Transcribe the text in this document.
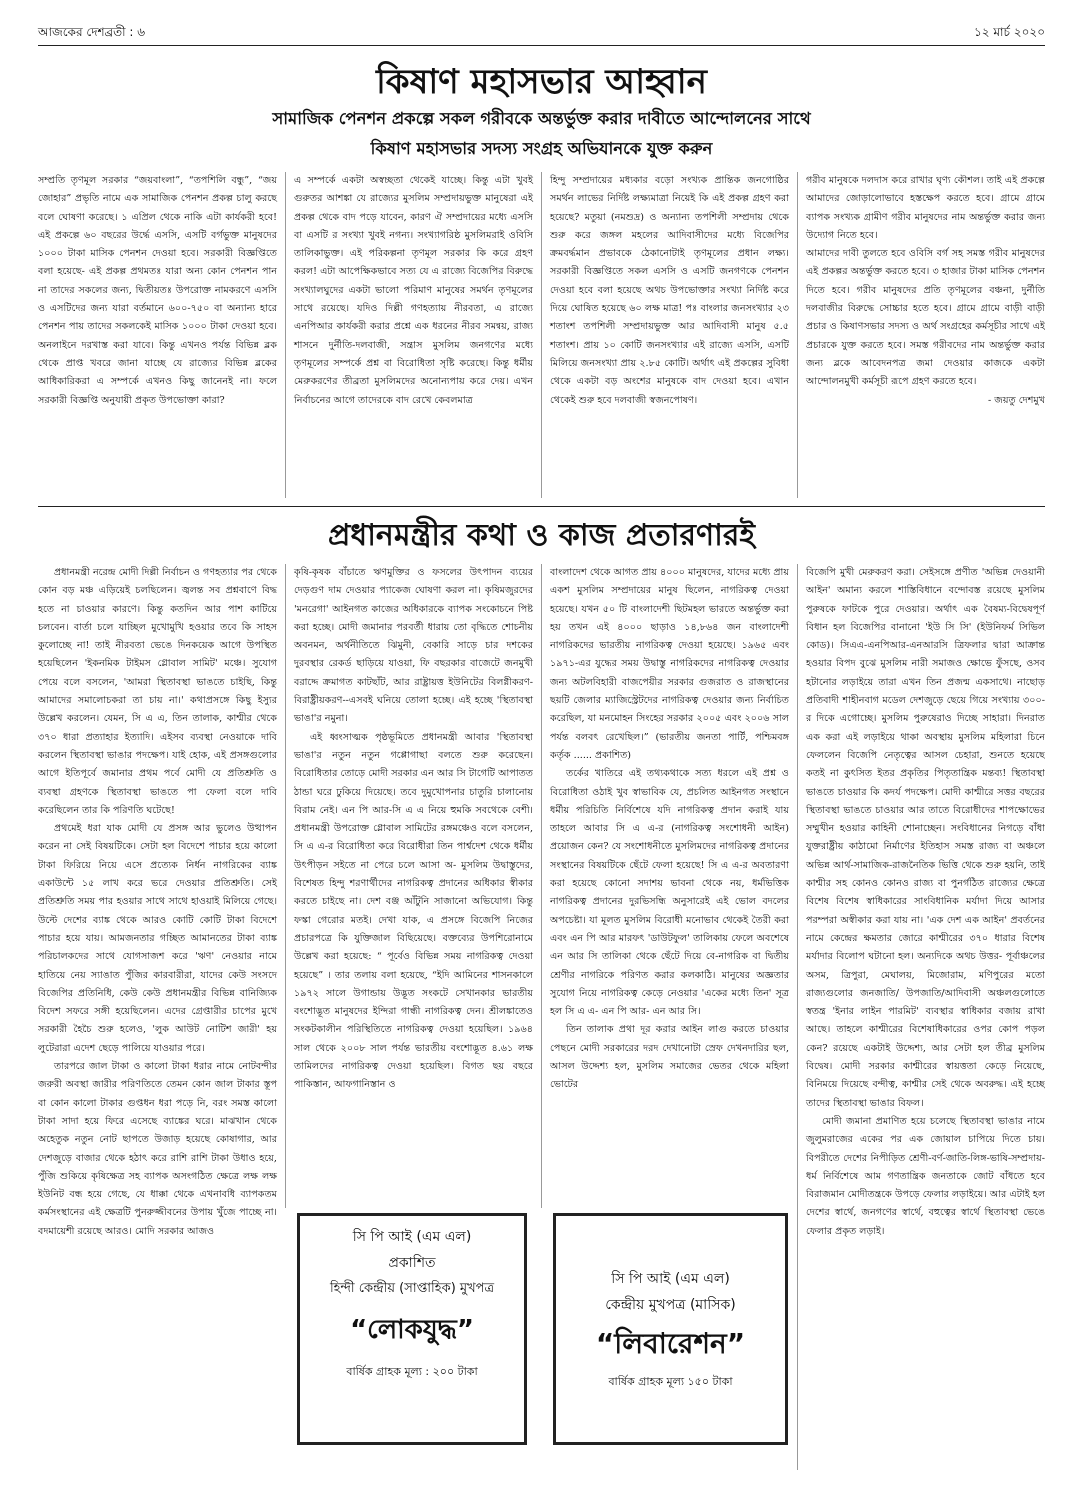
আজকের দেশব্রতী : ৬	১২ মার্চ ২০২০
কিষাণ মহাসভার আহ্বান
সামাজিক পেনশন প্রকল্পে সকল গরীবকে অন্তর্ভুক্ত করার দাবীতে আন্দোলনের সাথে
কিষাণ মহাসভার সদস্য সংগ্রহ অভিযানকে যুক্ত করুন

সম্প্রতি তৃণমূল সরকার “জয়বাংলা”, “তপশিলি বন্ধু”, “জয় জোহার” প্রভৃতি নামে এক সামাজিক পেনশন প্রকল্প চালু করছে বলে ঘোষণা করেছে। ১ এপ্রিল থেকে নাকি এটা কার্যকরী হবে! এই প্রকল্পে ৬০ বছরের উর্দ্ধে এসসি, এসটি বর্গভুক্ত মানুষদের ১০০০ টাকা মাসিক পেনশন দেওয়া হবে। সরকারী বিজ্ঞপ্তিতে বলা হয়েছে- এই প্রকল্প প্রথমতঃ যারা অন্য কোন পেনশন পান না তাদের সকলের জন্য, দ্বিতীয়তঃ উপরোক্ত নামকরণে এসসি ও এসটিদের জন্য যারা বর্তমানে ৬০০-৭৫০ বা অন্যান্য হারে পেনশন পায় তাদের সকলকেই মাসিক ১০০০ টাকা দেওয়া হবে। অনলাইনে দরখাস্ত করা যাবে। কিন্তু এখনও পর্যন্ত বিভিন্ন ব্লক থেকে প্রাপ্ত খবরে জানা যাচ্ছে যে রাজ্যের বিভিন্ন ব্লকের আধিকারিকরা এ সম্পর্কে এখনও কিছু জানেনই না। ফলে সরকারী বিজ্ঞপ্তি অনুযায়ী প্রকৃত উপভোক্তা কারা?

এ সম্পর্কে একটা অস্বচ্ছতা থেকেই যাচ্ছে। কিন্তু এটা খুবই গুরুতর আশঙ্কা যে রাজ্যের মুসলিম সম্প্রদায়ভুক্ত মানুষেরা এই প্রকল্প থেকে বাদ পড়ে যাবেন, কারণ ঐ সম্প্রদায়ের মধ্যে এসসি বা এসটি র সংখ্যা খুবই নগন্য। সংখ্যাগরিষ্ঠ মুসলিমরাই ওবিসি তালিকাভুক্ত। এই পরিকল্পনা তৃণমূল সরকার কি করে গ্রহণ করল! এটা আপেক্ষিকভাবে সত্য যে এ রাজ্যে বিজেপির বিরুদ্ধে সংখ্যালঘুদের একটা ভালো পরিমাণ মানুষের সমর্থন তৃণমূলের সাথে রয়েছে। যদিও দিল্লী গণহত্যায় নীরবতা, এ রাজ্যে এনপিআর কার্যকরী করার প্রশ্নে এক ধরনের নীরব সমন্বয়, রাজ্য শাসনে দুর্নীতি-দলবাজী, সন্ত্রাস মুসলিম জনগণের মধ্যে তৃণমূলের সম্পর্কে প্রশ্ন বা বিরোধিতা সৃষ্টি করেছে। কিন্তু ধর্মীয় মেরুকরণের তীব্রতা মুসলিমদের অনোন্যপায় করে দেয়। এখন নির্বাচনের আগে তাদেরকে বাদ রেখে কেবলমাত্র

হিন্দু সম্প্রদায়ের মধ্যকার বড়ো সংখ্যক প্রান্তিক জনগোষ্ঠির সমর্থন লাভের নির্দিষ্ট লক্ষ্যমাত্রা নিয়েই কি এই প্রকল্প গ্রহণ করা হয়েছে? মতুয়া (নমশুদ্র) ও অন্যান্য তপশিলী সম্প্রদায় থেকে শুরু করে জঙ্গল মহলের আদিবাসীদের মধ্যে বিজেপির ক্রমবর্দ্ধমান প্রভাবকে ঠেকানোটাই তৃণমূলের প্রধান লক্ষ্য। সরকারী বিজ্ঞপ্তিতে সকল এসসি ও এসটি জনগণকে পেনশন দেওয়া হবে বলা হয়েছে অথচ উপভোক্তার সংখ্যা নির্দিষ্ট করে দিয়ে ঘোষিত হয়েছে ৬০ লক্ষ মাত্র! পঃ বাংলার জনসংখ্যার ২৩ শতাংশ তপশিলী সম্প্রদায়ভুক্ত আর আদিবাসী মানুষ ৫.৫ শতাংশ। প্রায় ১০ কোটি জনসংখ্যার এই রাজ্যে এসসি, এসটি মিলিয়ে জনসংখ্যা প্রায় ২.৮৫ কোটি। অর্থাৎ এই প্রকল্পের সুবিধা থেকে একটা বড় অংশের মানুষকে বাদ দেওয়া হবে। এখান থেকেই শুরু হবে দলবাজী স্বজনপোষণ।

গরীব মানুষকে দলদাস করে রাখার ঘৃণ্য কৌশল। তাই এই প্রকল্পে আমাদের জোড়ালোভাবে হস্তক্ষেপ করতে হবে। গ্রামে গ্রামে ব্যাপক সংখ্যক গ্রামীণ গরীব মানুষদের নাম অন্তর্ভুক্ত করার জন্য উদ্যোগ নিতে হবে।

আমাদের দাবী তুলতে হবে ওবিসি বর্গ সহ সমস্ত গরীব মানুষদের এই প্রকল্পর অন্তর্ভুক্ত করতে হবে। ৩ হাজার টাকা মাসিক পেনশন দিতে হবে। গরীব মানুষদের প্রতি তৃণমূলের বঞ্চনা, দুর্নীতি দলবাজীর বিরুদ্ধে সোচ্চার হতে হবে। গ্রামে গ্রামে বাড়ী বাড়ী প্রচার ও কিষাণসভার সদস্য ও অর্থ সংগ্রহের কর্মসূচীর সাথে এই প্রচারকে যুক্ত করতে হবে। সমস্ত গরীবদের নাম অন্তর্ভুক্ত করার জন্য ব্লকে আবেদনপত্র জমা দেওয়ার কাজকে একটা আন্দোলনমুখী কর্মসূচী রূপে গ্রহণ করতে হবে।

- জয়তু দেশমুখ

প্রধানমন্ত্রীর কথা ও কাজ প্রতারণারই

প্রধানমন্ত্রী নরেন্দ্র মোদী দিল্লী নির্বাচন ও গণহত্যার পর থেকে কোন বড় মঞ্চ এড়িয়েই চলছিলেন। জ্বলন্ত সব প্রশ্নবাণে বিদ্ধ হতে না চাওয়ার কারণে। কিন্তু কতদিন আর পাশ কাটিয়ে চলবেন। বার্তা চলে যাচ্ছিল মুখোমুখি হওয়ার তবে কি সাহস কুলোচ্ছে না! তাই নীরবতা ভেঙে দিনকয়েক আগে উপস্থিত হয়েছিলেন 'ইকনমিক টাইমস গ্লোবাল সামিট' মঞ্চে। সুযোগ পেয়ে বলে বসলেন, 'আমরা স্থিতাবস্থা ভাঙতে চাইছি, কিন্তু আমাদের সমালোচকরা তা চায় না।' কথাপ্রসঙ্গে কিছু ইস্যুর উল্লেখ করলেন। যেমন, সি এ এ, তিন তালাক, কাশ্মীর থেকে ৩৭০ ধারা প্রত্যাহার ইত্যাদি। এইসব ব্যবস্থা নেওয়াকে দাবি করলেন স্থিতাবস্থা ভাঙার পদক্ষেপ। যাই হোক, এই প্রসঙ্গগুলোর আগে ইতিপূর্বে জমানার প্রথম পর্বে মোদী যে প্রতিশ্রুতি ও ব্যবস্থা গ্রহণকে স্থিতাবস্থা ভাঙতে পা ফেলা বলে দাবি করেছিলেন তার কি পরিণতি ঘটেছে!

প্রথমেই ধরা যাক মোদী যে প্রসঙ্গ আর ভুলেও উত্থাপন করেন না সেই বিষয়টিকে। সেটা হল বিদেশে পাচার হয়ে কালো টাকা ফিরিয়ে নিয়ে এসে প্রত্যেক নির্ধন নাগরিকের ব্যাঙ্ক একাউন্টে ১৫ লাখ করে ভরে দেওয়ার প্রতিশ্রুতি। সেই প্রতিশ্রুতি সময় পার হওয়ার সাথে সাথে হাওয়াই মিলিয়ে গেছে। উল্টে দেশের ব্যাঙ্ক থেকে আরও কোটি কোটি টাকা বিদেশে পাচার হয়ে যায়। আমজনতার গচ্ছিত আমানতের টাকা ব্যাঙ্ক পরিচালকদের সাথে যোগসাজশ করে 'ঋণ' নেওয়ার নামে হাতিয়ে নেয় স্যাঙাত পুঁজির কারবারীরা, যাদের কেউ সংসদে বিজেপির প্রতিনিধি, কেউ কেউ প্রধানমন্ত্রীর বিভিন্ন বানিজ্যিক বিদেশ সফরে সঙ্গী হয়েছিলেন। এদের গ্রেপ্তারীর চাপের মুখে সরকারী হৈচৈ শুরু হলেও, 'লুক আউট নোটিশ জারী' হয় লুটেরারা এদেশ ছেড়ে পালিয়ে যাওয়ার পরে।

তারপরে জাল টাকা ও কালো টাকা ধরার নামে নোটবন্দীর জরুরী অবস্থা জারীর পরিণতিতে তেমন কোন জাল টাকার স্তূপ বা কোন কালো টাকার গুপ্তধন ধরা পড়ে নি, বরং সমস্ত কালো টাকা সাদা হয়ে ফিরে এসেছে ব্যাঙ্কের ঘরে। মাঝখান থেকে অহেতুক নতুন নোট ছাপতে উজাড় হয়েছে কোষাগার, আর দেশজুড়ে বাজার থেকে হঠাৎ করে রাশি রাশি টাকা উধাও হয়ে, পুঁজি শুকিয়ে কৃষিক্ষেত্র সহ ব্যাপক অসংগঠিত ক্ষেত্রে লক্ষ লক্ষ ইউনিট বন্ধ হয়ে গেছে, যে ধাক্কা থেকে এখনাবধি ব্যাপকতম কর্মসংস্থানের এই ক্ষেত্রটি পুনরুজ্জীবনের উপায় খুঁজে পাচ্ছে না। বদমায়েশী রয়েছে আরও। মোদি সরকার আজও

কৃষি-কৃষক বাঁচাতে ঋণমুক্তির ও ফসলের উৎপাদন ব্যয়ের দেড়গুণ দাম দেওয়ার প্যাকেজ ঘোষণা করল না। কৃষিমজুরদের 'মনরেগা' আইনগত কাজের অধিকারকে ব্যাপক সংকোচনে পিষ্ট করা হচ্ছে। মোদী জমানার পরবর্তী ধারায় তো বৃদ্ধিতে শোচনীয় অবনমন, অর্থনীতিতে ঝিমুনী, বেকারি সাড়ে চার দশকের দুরবস্থার রেকর্ড ছাড়িয়ে যাওয়া, ফি বছরকার বাজেটে জনমুখী বরাদ্দে ক্রমাগত কাটছাঁট, আর রাষ্ট্রায়ত্ত ইউনিটের বিলগ্নীকরণ-বিরাষ্ট্রীয়করণ--এসবই ঘনিয়ে তোলা হচ্ছে। এই হচ্ছে 'স্থিতাবস্থা ভাঙা'র নমুনা।

এই ধ্বংসাত্মক পৃষ্ঠভূমিতে প্রধানমন্ত্রী আবার 'স্থিতাবস্থা ভাঙা'র নতুন নতুন গপ্পোগাছা বলতে শুরু করেছেন। বিরোধিতার তোড়ে মোদী সরকার এন আর সি টাগেটি আপাতত ঠান্ডা ঘরে ঢুকিয়ে দিয়েছে। তবে দুমুখোপনার চাতুরি চালানোয় বিরাম নেই। এন পি আর-সি এ এ নিয়ে হুমকি সবথেকে বেশী। প্রধানমন্ত্রী উপরোক্ত গ্লোবাল সামিটের রঙ্গমঞ্চেও বলে বসলেন, সি এ এ-র বিরোধিতা করে বিরোধীরা তিন পার্শ্বদেশ থেকে ধর্মীয় উৎপীড়ন সইতে না পেরে চলে আসা অ- মুসলিম উদ্বাস্তুদের, বিশেষত হিন্দু শরণার্থীদের নাগরিকত্ব প্রদানের অধিকার স্বীকার করতে চাইছে না। দেশ বঞ্জ আঁটুনি সাজানো অভিযোগ। কিন্তু ফস্কা গেরোর মতই। দেখা যাক, এ প্রসঙ্গে বিজেপি নিজের প্রচারপত্রে কি যুক্তিজাল বিছিয়েছে। বক্তব্যের উপশিরোনামে উল্লেখ করা হয়েছে: “ পূর্বেও বিভিন্ন সময় নাগরিকত্ব দেওয়া হয়েছে” । তার তলায় বলা হয়েছে, “ইদি আমিনের শাসনকালে ১৯৭২ সালে উগান্ডায় উদ্ভূত সংকটে সেখানকার ভারতীয় বংশোদ্ভূত মানুষদের ইন্দিরা গান্ধী নাগরিকত্ব দেন। শ্রীলঙ্কাতেও সংকটকালীন পরিস্থিতিতে নাগরিকত্ব দেওয়া হয়েছিল। ১৯৬৪ সাল থেকে ২০০৮ সাল পর্যন্ত ভারতীয় বংশোদ্ভূত ৪.৬১ লক্ষ তামিলদের নাগরিকত্ব দেওয়া হয়েছিল। বিগত ছয় বছরে পাকিস্তান, আফগানিস্তান ও

বাংলাদেশ থেকে আগত প্রায় ৪০০০ মানুষদের, যাদের মধ্যে প্রায় একশ মুসলিম সম্প্রদায়ের মানুষ ছিলেন, নাগরিকত্ব দেওয়া হয়েছে। যখন ৫০ টি বাংলাদেশী ছিটমহল ভারতে অন্তর্ভুক্ত করা হয় তখন এই ৪০০০ ছাড়াও ১৪,৮৬৪ জন বাংলাদেশী নাগরিকদের ভারতীয় নাগরিকত্ব দেওয়া হয়েছে। ১৯৬৫ এবং ১৯৭১-এর যুদ্ধের সময় উদ্বাস্তু নাগরিকদের নাগরিকত্ব দেওয়ার জন্য অটলবিহারী বাজপেয়ীর সরকার গুজরাত ও রাজস্থানের ছয়টি জেলার ম্যাজিস্ট্রেটদের নাগরিকত্ব দেওয়ার জন্য নির্বাচিত করেছিল, যা মনমোহন সিংহের সরকার ২০০৫ এবং ২০০৬ সাল পর্যন্ত বলবৎ রেখেছিল।” (ভারতীয় জনতা পার্টি, পশ্চিমবঙ্গ কর্তৃক ...... প্রকাশিত)

তর্কের খাতিরে এই তথ্যকথাকে সত্য ধরলে এই প্রশ্ন ও বিরোধিতা ওঠাই খুব স্বাভাবিক যে, প্রচলিত আইনগত সংস্থানে ধর্মীয় পরিচিতি নির্বিশেষে যদি নাগরিকত্ব প্রদান করাই যায় তাহলে আবার সি এ এ-র (নাগরিকত্ব সংশোধনী আইন) প্রয়োজন কেন? যে সংশোধনীতে মুসলিমদের নাগরিকত্ব প্রদানের সংস্থানের বিষয়টিকে ছেঁটে ফেলা হয়েছে! সি এ এ-র অবতারণা করা হয়েছে কোনো সদাশয় ভাবনা থেকে নয়, ধর্মভিত্তিক নাগরিকত্ব প্রদানের দুরভিসন্ধি অনুসারেই এই ভোল বদলের অপচেষ্টা। যা মূলত মুসলিম বিরোধী মনোভাব থেকেই তৈরী করা এবং এন পি আর মারফৎ 'ডাউটফুল' তালিকায় ফেলে অবশেষে এন আর সি তালিকা থেকে ছেঁটে দিয়ে বে-নাগরিক বা দ্বিতীয় শ্রেণীর নাগরিকে পরিণত করার কলকাঠি। মানুষের অজ্ঞতার সুযোগ নিয়ে নাগরিকত্ব কেড়ে নেওয়ার 'একের মধ্যে তিন' সূত্র হল সি এ এ- এন পি আর- এন আর সি।

তিন তালাক প্রথা দূর করার আইন লাগু করতে চাওয়ার পেছনে মোদী সরকারের দরদ দেখানোটা স্রেফ দেখনদারির ছল, আসল উদ্দেশ্য হল, মুসলিম সমাজের ভেতর থেকে মহিলা ভোটের

বিজেপি মুখী মেরুকরণ করা। সেইসঙ্গে প্রণীত 'অভিন্ন দেওয়ানী আইন' অমান্য করলে শাস্তিবিধানে বন্দোবস্ত রয়েছে মুসলিম পুরুষকে ফাটকে পুরে দেওয়ার। অর্থাৎ এক বৈষম্য-বিদ্বেষপূর্ণ বিধান হল বিজেপির বানানো 'ইউ সি সি' (ইউনিফর্ম সিভিল কোড)। সিএএ-এনপিআর-এনআরসি ত্রিফলার দ্বারা আক্রান্ত হওয়ার বিপদ বুঝে মুসলিম নারী সমাজও ক্ষোভে ফুঁসছে, ওসব হটানোর লড়াইয়ে তারা এখন তিন প্রজন্ম একসাথে। নাছোড় প্রতিবাদী শাহীনবাগ মডেল দেশজুড়ে ছেয়ে গিয়ে সংখ্যায় ৩০০-র দিকে এগোচ্ছে। মুসলিম পুরুষেরাও দিচ্ছে সাহারা। দিনরাত এক করা এই লড়াইয়ে থাকা অবস্থায় মুসলিম মহিলারা চিনে ফেললেন বিজেপি নেতৃত্বের আসল চেহারা, শুনতে হয়েছে কতই না কুৎসিত ইতর প্রকৃতির পিতৃতান্ত্রিক মন্তব্য! স্থিতাবস্থা ভাঙতে চাওয়ার কি কদর্য পদক্ষেপ। মোদী কাশ্মীরে সত্তর বছরের স্থিতাবস্থা ভাঙতে চাওয়ার আর তাতে বিরোধীদের শাপক্ষোভের সম্মুখীন হওয়ার কাহিনী শোনাচ্ছেন। সংবিধানের নিগড়ে বাঁধা যুক্তরাষ্ট্রীয় কাঠামো নির্মাণের ইতিহাস সমস্ত রাজ্য বা অঞ্চলে অভিন্ন আর্থ-সামাজিক-রাজনৈতিক ভিত্তি থেকে শুরু হয়নি, তাই কাশ্মীর সহ কোনও কোনও রাজ্য বা পুনর্গঠিত রাজ্যের ক্ষেত্রে বিশেষ বিশেষ স্বাধিকারের সাংবিধানিক মর্যাদা দিয়ে আসার পরম্পরা অস্বীকার করা যায় না। 'এক দেশ এক আইন' প্রবর্তনের নামে কেন্দ্রের ক্ষমতার জোরে কাশ্মীরের ৩৭০ ধারার বিশেষ মর্যাদার বিলোপ ঘটানো হল। অন্যদিকে অথচ উত্তর- পূর্বাঞ্চলের অসম, ত্রিপুরা, মেঘালয়, মিজোরাম, মণিপুরের মতো রাজ্যগুলোর জনজাতি/ উপজাতি/আদিবাসী অঞ্চলগুলোতে স্বতন্ত্র 'ইনার লাইন পারমিট' ব্যবস্থার স্বাধিকার বজায় রাখা আছে। তাহলে কাশ্মীরের বিশেষাধিকারের ওপর কোপ পড়ল কেন? রয়েছে একটাই উদ্দেশ্য, আর সেটা হল তীব্র মুসলিম বিদ্বেষ। মোদী সরকার কাশ্মীরের স্বায়ত্ততা কেড়ে নিয়েছে, বিনিময়ে দিয়েছে বন্দীত্ব, কাশ্মীর সেই থেকে অবরুদ্ধ। এই হচ্ছে তাদের স্থিতাবস্থা ভাঙার বিফল।

মোদী জমানা প্রমাণিত হয়ে চলেছে স্থিতাবস্থা ভাঙার নামে জুলুমরাজের একের পর এক জোয়াল চাপিয়ে দিতে চায়। বিপরীতে দেশের নিপীড়িত শ্রেণী-বর্ণ-জাতি-লিঙ্গ-ভাষি-সম্প্রদায়-ধর্ম নির্বিশেষে আম গণতান্ত্রিক জনতাকে জোট বাঁধতে হবে বিরাজমান মোদীতন্ত্রকে উপড়ে ফেলার লড়াইয়ে। আর এটাই হল দেশের স্বার্থে, জনগণের স্বার্থে, বহুত্বের স্বার্থে স্থিতাবস্থা ভেঙে ফেলার প্রকৃত লড়াই।

সি পি আই (এম এল)
প্রকাশিত
হিন্দী কেন্দ্রীয় (সাপ্তাহিক) মুখপত্র
“লোকযুদ্ধ”
বার্ষিক গ্রাহক মূল্য : ২০০ টাকা
সি পি আই (এম এল)
কেন্দ্রীয় মুখপত্র (মাসিক)
“লিবারেশন”
বার্ষিক গ্রাহক মূল্য ১৫০ টাকা
